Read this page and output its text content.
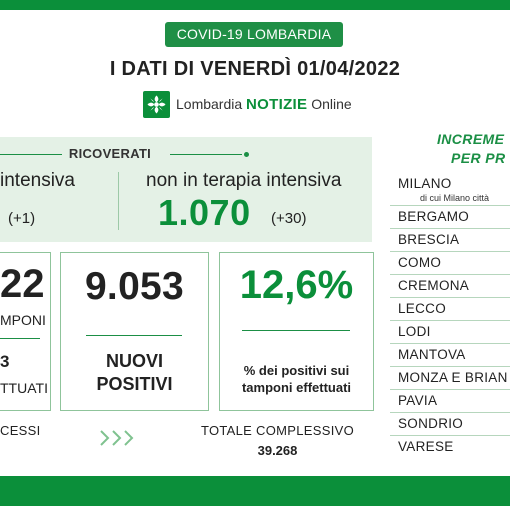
COVID-19 LOMBARDIA
I DATI DI VENERDÌ 01/04/2022
Lombardia NOTIZIE Online
RICOVERATI
intensiva
(+1)
non in terapia intensiva
1.070 (+30)
22
MPONI
3
TTUATI
9.053
NUOVI
POSITIVI
12,6%
% dei positivi sui
tamponi effettuati
CESSI	TOTALE COMPLESSIVO
39.268
INCREME
PER PR
MILANO
di cui Milano città
BERGAMO
BRESCIA
COMO
CREMONA
LECCO
LODI
MANTOVA
MONZA E BRIAN
PAVIA
SONDRIO
VARESE
